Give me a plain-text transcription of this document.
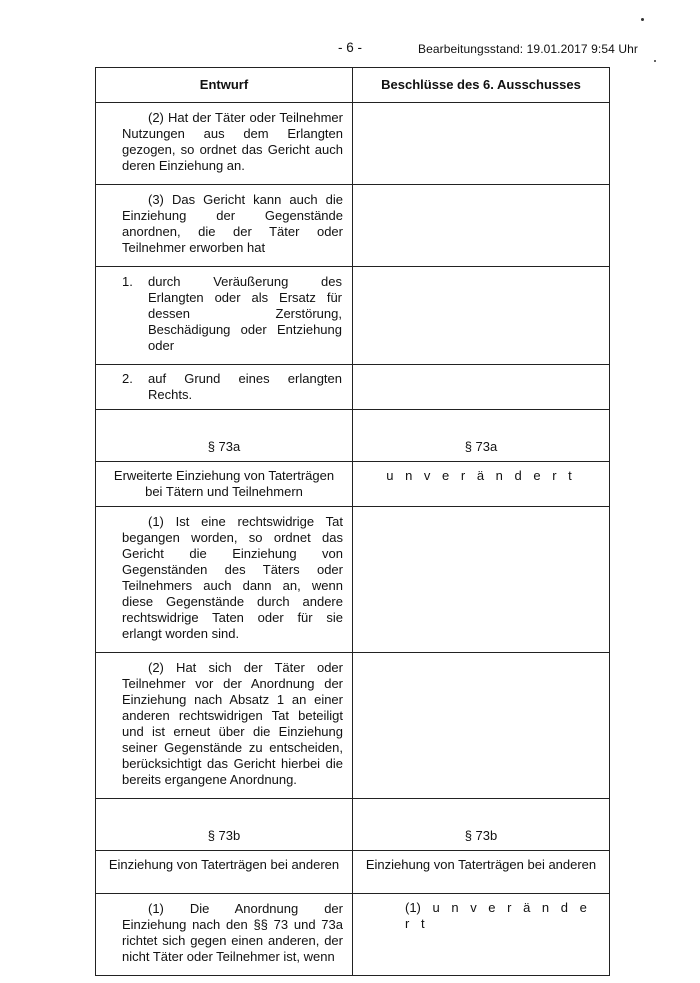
- 6 -	Bearbeitungsstand: 19.01.2017 9:54 Uhr
Entwurf	Beschlüsse des 6. Ausschusses

(2) Hat der Täter oder Teilnehmer Nutzungen aus dem Erlangten gezogen, so ordnet das Gericht auch deren Einziehung an.	

(3) Das Gericht kann auch die Einziehung der Gegenstände anordnen, die der Täter oder Teilnehmer erworben hat	

1. durch Veräußerung des Erlangten oder als Ersatz für dessen Zerstörung, Beschädigung oder Entziehung oder	

2. auf Grund eines erlangten Rechts.	

§ 73a	§ 73a

Erweiterte Einziehung von Taterträgen bei Tätern und Teilnehmern	u n v e r ä n d e r t

(1) Ist eine rechtswidrige Tat begangen worden, so ordnet das Gericht die Einziehung von Gegenständen des Täters oder Teilnehmers auch dann an, wenn diese Gegenstände durch andere rechtswidrige Taten oder für sie erlangt worden sind.	

(2) Hat sich der Täter oder Teilnehmer vor der Anordnung der Einziehung nach Absatz 1 an einer anderen rechtswidrigen Tat beteiligt und ist erneut über die Einziehung seiner Gegenstände zu entscheiden, berücksichtigt das Gericht hierbei die bereits ergangene Anordnung.	

§ 73b	§ 73b

Einziehung von Taterträgen bei anderen	Einziehung von Taterträgen bei anderen

(1) Die Anordnung der Einziehung nach den §§ 73 und 73a richtet sich gegen einen anderen, der nicht Täter oder Teilnehmer ist, wenn	(1) u n v e r ä n d e r t
